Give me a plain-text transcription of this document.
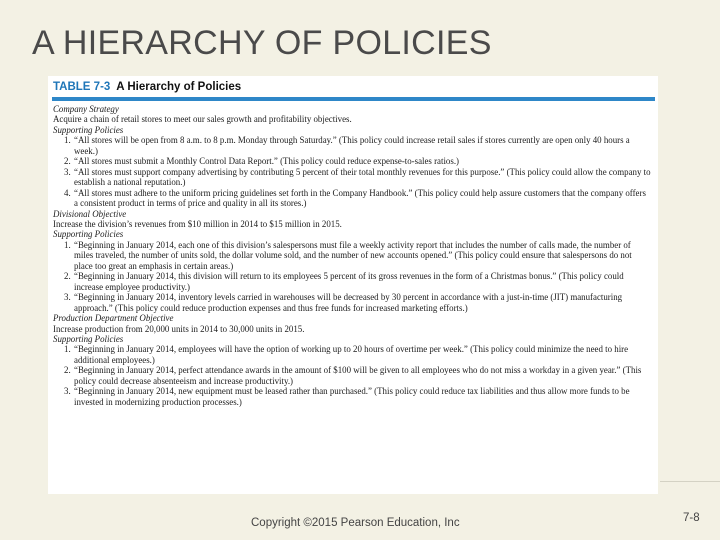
A HIERARCHY OF POLICIES
TABLE 7-3 A Hierarchy of Policies
Company Strategy
Acquire a chain of retail stores to meet our sales growth and profitability objectives.
Supporting Policies
1. “All stores will be open from 8 a.m. to 8 p.m. Monday through Saturday.” (This policy could increase retail sales if stores currently are open only 40 hours a week.)
2. “All stores must submit a Monthly Control Data Report.” (This policy could reduce expense-to-sales ratios.)
3. “All stores must support company advertising by contributing 5 percent of their total monthly revenues for this purpose.” (This policy could allow the company to establish a national reputation.)
4. “All stores must adhere to the uniform pricing guidelines set forth in the Company Handbook.” (This policy could help assure customers that the company offers a consistent product in terms of price and quality in all its stores.)
Divisional Objective
Increase the division’s revenues from $10 million in 2014 to $15 million in 2015.
Supporting Policies
1. “Beginning in January 2014, each one of this division’s salespersons must file a weekly activity report that includes the number of calls made, the number of miles traveled, the number of units sold, the dollar volume sold, and the number of new accounts opened.” (This policy could ensure that salespersons do not place too great an emphasis in certain areas.)
2. “Beginning in January 2014, this division will return to its employees 5 percent of its gross revenues in the form of a Christmas bonus.” (This policy could increase employee productivity.)
3. “Beginning in January 2014, inventory levels carried in warehouses will be decreased by 30 percent in accordance with a just-in-time (JIT) manufacturing approach.” (This policy could reduce production expenses and thus free funds for increased marketing efforts.)
Production Department Objective
Increase production from 20,000 units in 2014 to 30,000 units in 2015.
Supporting Policies
1. “Beginning in January 2014, employees will have the option of working up to 20 hours of overtime per week.” (This policy could minimize the need to hire additional employees.)
2. “Beginning in January 2014, perfect attendance awards in the amount of $100 will be given to all employees who do not miss a workday in a given year.” (This policy could decrease absenteeism and increase productivity.)
3. “Beginning in January 2014, new equipment must be leased rather than purchased.” (This policy could reduce tax liabilities and thus allow more funds to be invested in modernizing production processes.)
Copyright ©2015 Pearson Education, Inc	7-8
